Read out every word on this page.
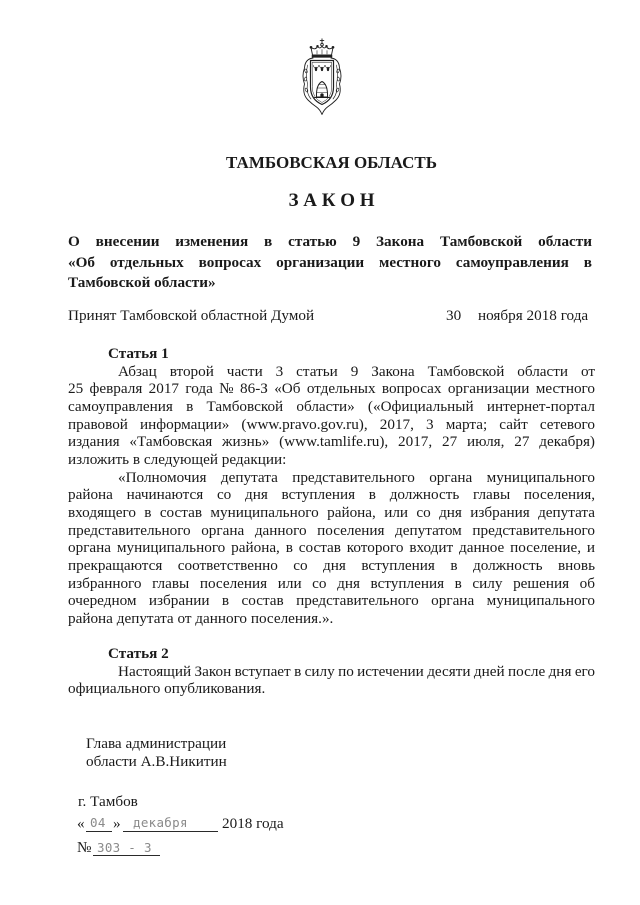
ТАМБОВСКАЯ ОБЛАСТЬ
З А К О Н
О внесении изменения в статью 9 Закона Тамбовской области
«Об отдельных вопросах организации местного самоуправления в
Тамбовской области»
Принят Тамбовской областной Думой	30 ноября 2018 года
Статья 1
Абзац второй части 3 статьи 9 Закона Тамбовской области от
25 февраля 2017 года № 86-З «Об отдельных вопросах организации местного
самоуправления в Тамбовской области» («Официальный интернет-портал
правовой информации» (www.pravo.gov.ru), 2017, 3 марта; сайт сетевого
издания «Тамбовская жизнь» (www.tamlife.ru), 2017, 27 июля, 27 декабря)
изложить в следующей редакции:
«Полномочия депутата представительного органа муниципального
района начинаются со дня вступления в должность главы поселения,
входящего в состав муниципального района, или со дня избрания депутата
представительного органа данного поселения депутатом представительного
органа муниципального района, в состав которого входит данное поселение, и
прекращаются соответственно со дня вступления в должность вновь
избранного главы поселения или со дня вступления в силу решения об
очередном избрании в состав представительного органа муниципального
района депутата от данного поселения.».
Статья 2
Настоящий Закон вступает в силу по истечении десяти дней после дня его
официального опубликования.
Глава администрации
области А.В.Никитин
г. Тамбов
« 04 » декабря 2018 года
№ 303 - З
